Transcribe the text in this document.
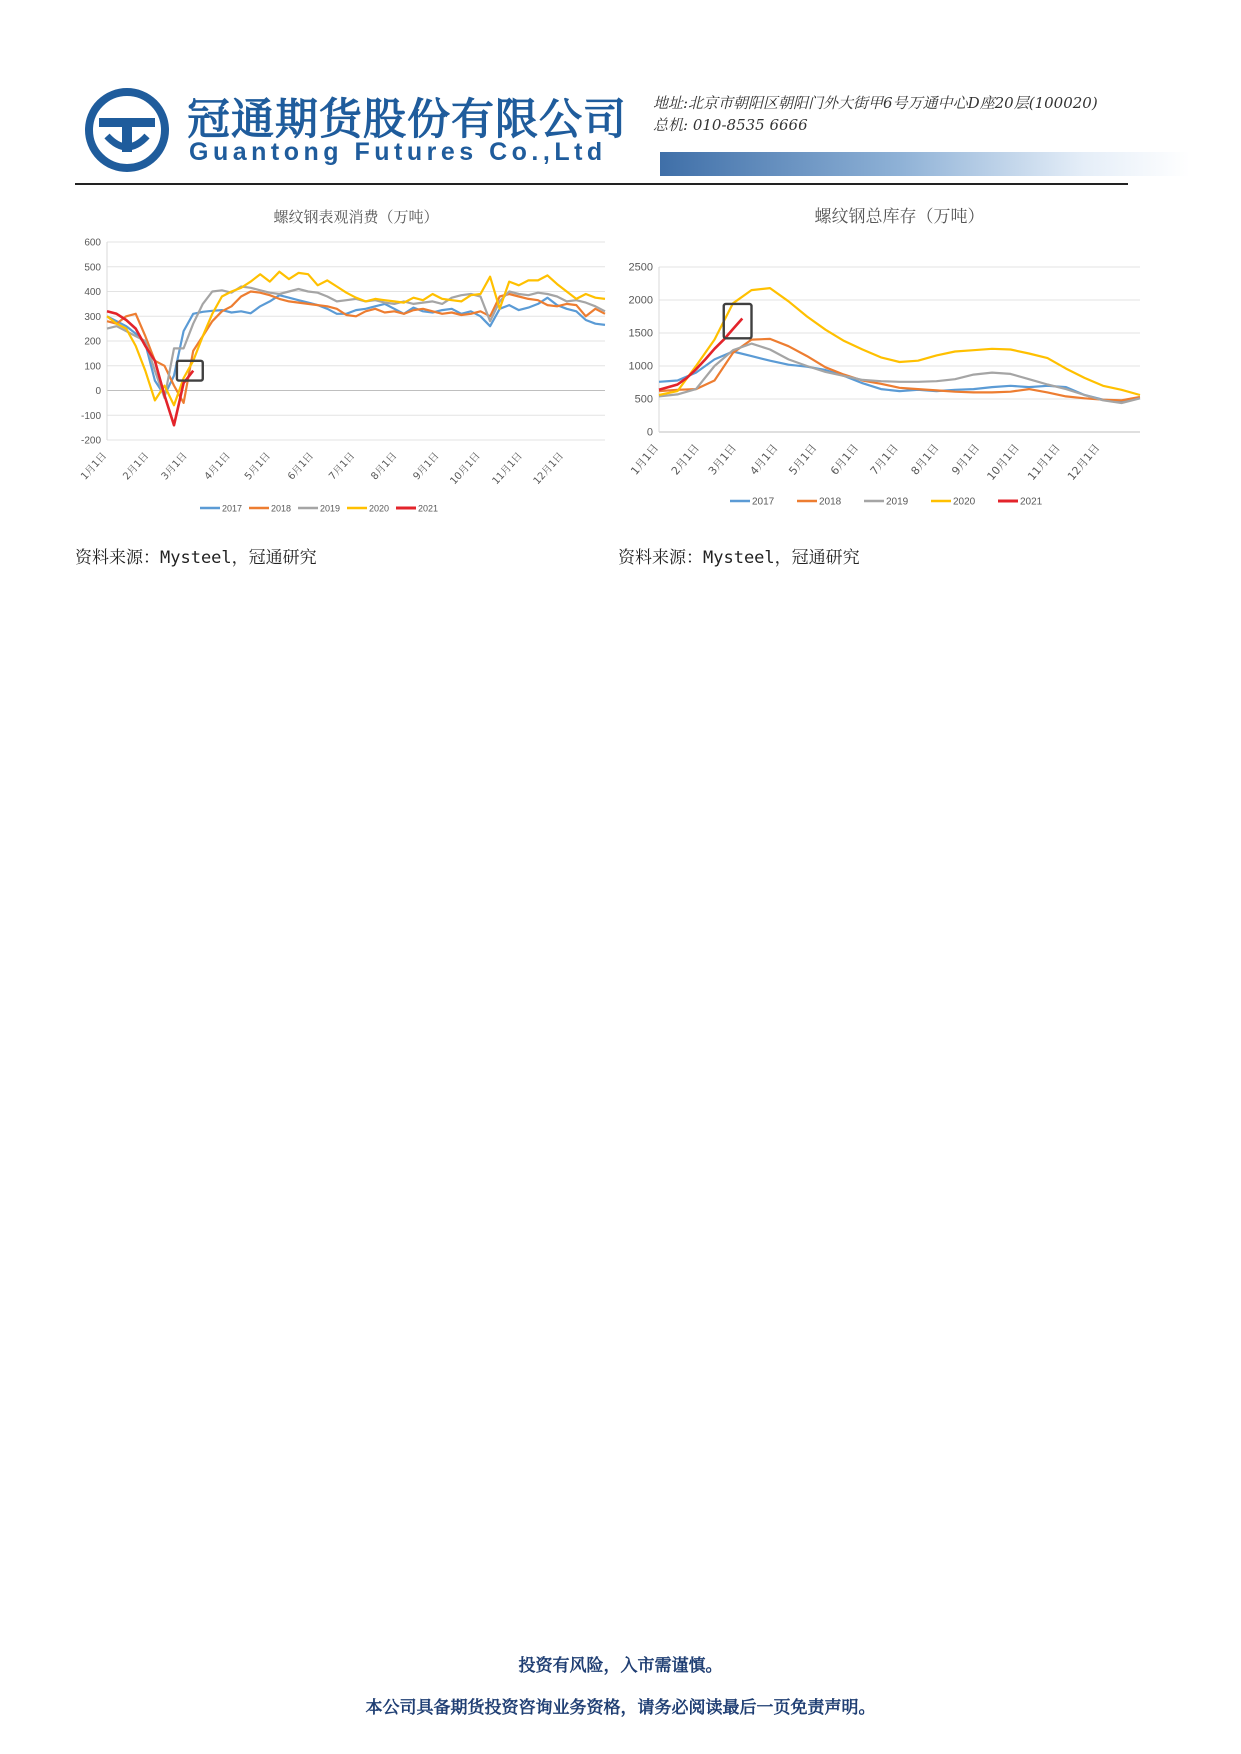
冠通期货股份有限公司
Guantong Futures Co.,Ltd
地址:北京市朝阳区朝阳门外大街甲6号万通中心D座20层(100020)
总机: 010-8535 6666
螺纹钢表观消费（万吨）
-200
-100
0
100
200
300
400
500
600
1月1日 2月1日 3月1日 4月1日 5月1日 6月1日 7月1日 8月1日 9月1日 10月1日 11月1日 12月1日
2017	2018	2019	2020	2021
螺纹钢总库存（万吨）
0
500
1000
1500
2000
2500
1月1日 2月1日 3月1日 4月1日 5月1日 6月1日 7月1日 8月1日 9月1日 10月1日 11月1日 12月1日
2017	2018	2019	2020	2021
资料来源：Mysteel，冠通研究	资料来源：Mysteel，冠通研究
投资有风险，入市需谨慎。
本公司具备期货投资咨询业务资格，请务必阅读最后一页免责声明。
